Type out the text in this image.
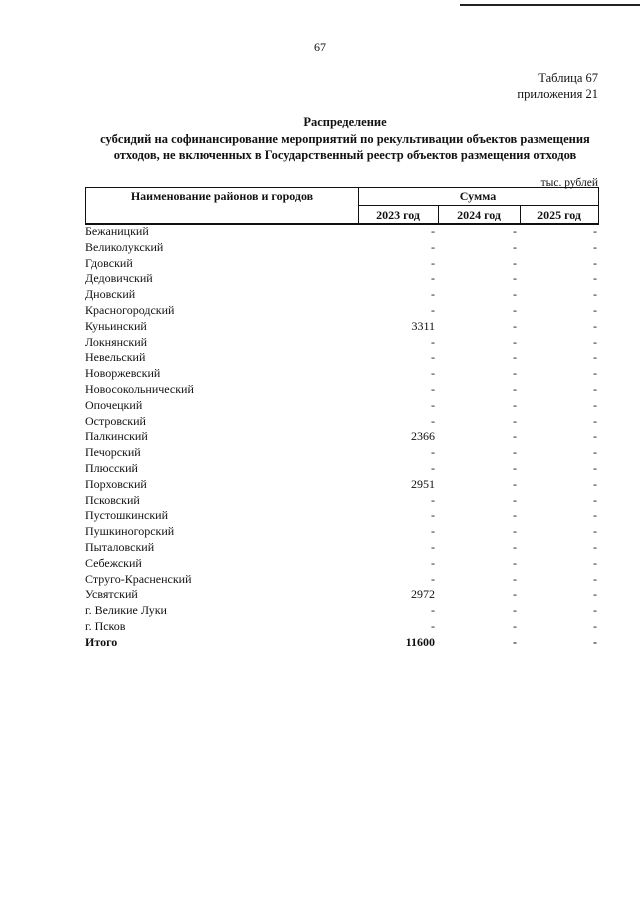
67
Таблица 67
приложения 21
Распределение
субсидий на софинансирование мероприятий по рекультивации объектов размещения
отходов, не включенных в Государственный реестр объектов размещения отходов
тыс. рублей
Наименование районов и городов	Сумма
2023 год	2024 год	2025 год
Бежаницкий	-	-	-
Великолукский	-	-	-
Гдовский	-	-	-
Дедовичский	-	-	-
Дновский	-	-	-
Красногородский	-	-	-
Куньинский	3311	-	-
Локнянский	-	-	-
Невельский	-	-	-
Новоржевский	-	-	-
Новосокольнический	-	-	-
Опочецкий	-	-	-
Островский	-	-	-
Палкинский	2366	-	-
Печорский	-	-	-
Плюсский	-	-	-
Порховский	2951	-	-
Псковский	-	-	-
Пустошкинский	-	-	-
Пушкиногорский	-	-	-
Пыталовский	-	-	-
Себежский	-	-	-
Струго-Красненский	-	-	-
Усвятский	2972	-	-
г. Великие Луки	-	-	-
г. Псков	-	-	-
Итого	11600	-	-
